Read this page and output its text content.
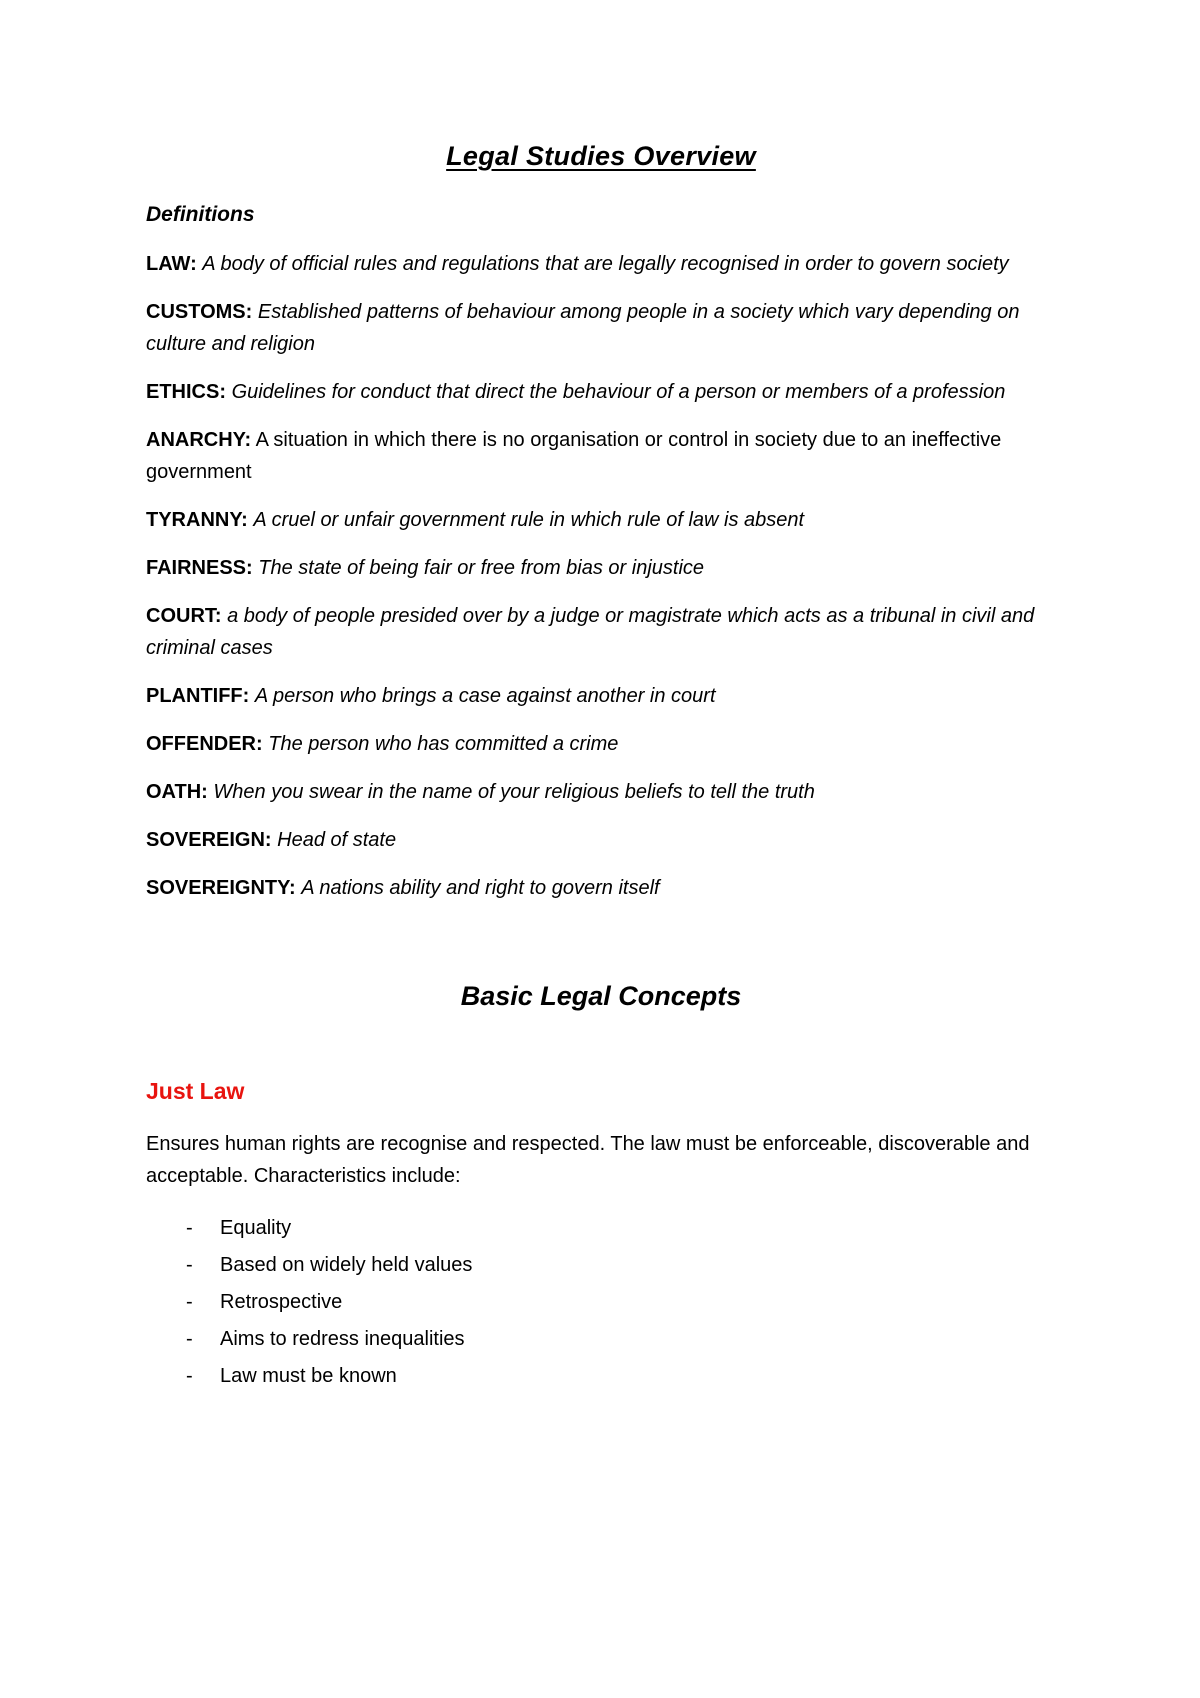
Legal Studies Overview
Definitions
LAW: A body of official rules and regulations that are legally recognised in order to govern society
CUSTOMS: Established patterns of behaviour among people in a society which vary depending on culture and religion
ETHICS: Guidelines for conduct that direct the behaviour of a person or members of a profession
ANARCHY: A situation in which there is no organisation or control in society due to an ineffective government
TYRANNY: A cruel or unfair government rule in which rule of law is absent
FAIRNESS: The state of being fair or free from bias or injustice
COURT: a body of people presided over by a judge or magistrate which acts as a tribunal in civil and criminal cases
PLANTIFF: A person who brings a case against another in court
OFFENDER: The person who has committed a crime
OATH: When you swear in the name of your religious beliefs to tell the truth
SOVEREIGN: Head of state
SOVEREIGNTY: A nations ability and right to govern itself
Basic Legal Concepts
Just Law

Ensures human rights are recognise and respected. The law must be enforceable, discoverable and acceptable. Characteristics include:

- Equality
- Based on widely held values
- Retrospective
- Aims to redress inequalities
- Law must be known
